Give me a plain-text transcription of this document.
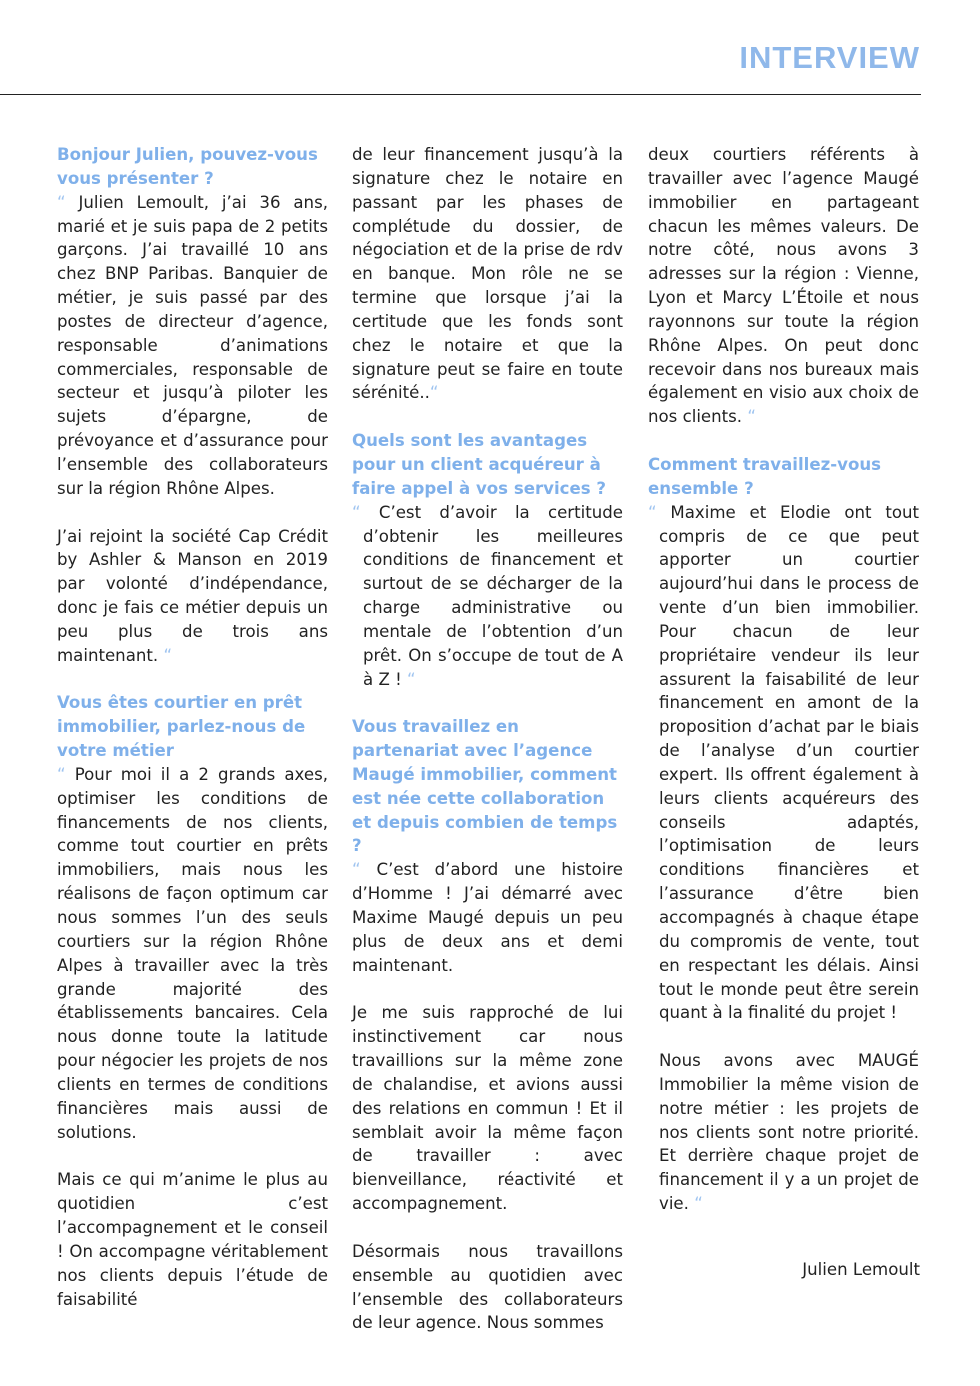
INTERVIEW

Bonjour Julien, pouvez-vous vous présenter ?

“ Julien Lemoult, j’ai 36 ans, marié et je suis papa de 2 petits garçons. J’ai travaillé 10 ans chez BNP Paribas. Banquier de métier, je suis passé par des postes de directeur d’agence, responsable d’animations commerciales, responsable de secteur et jusqu’à piloter les sujets d’épargne, de prévoyance et d’assurance pour l’ensemble des collaborateurs sur la région Rhône Alpes.

J’ai rejoint la société Cap Crédit by Ashler & Manson en 2019 par volonté d’indépendance, donc je fais ce métier depuis un peu plus de trois ans maintenant. “

Vous êtes courtier en prêt immobilier, parlez-nous de votre métier

“ Pour moi il a 2 grands axes, optimiser les conditions de financements de nos clients, comme tout courtier en prêts immobiliers, mais nous les réalisons de façon optimum car nous sommes l’un des seuls courtiers sur la région Rhône Alpes à travailler avec la très grande majorité des établissements bancaires. Cela nous donne toute la latitude pour négocier les projets de nos clients en termes de conditions financières mais aussi de solutions.

Mais ce qui m’anime le plus au quotidien c’est l’accompagnement et le conseil ! On accompagne véritablement nos clients depuis l’étude de faisabilité

de leur financement jusqu’à la signature chez le notaire en passant par les phases de complétude du dossier, de négociation et de la prise de rdv en banque. Mon rôle ne se termine que lorsque j’ai la certitude que les fonds sont chez le notaire et que la signature peut se faire en toute sérénité..“

Quels sont les avantages pour un client acquéreur à faire appel à vos services ?

“ C’est d’avoir la certitude d’obtenir les meilleures conditions de financement et surtout de se décharger de la charge administrative ou mentale de l’obtention d’un prêt. On s’occupe de tout de A à Z ! “

Vous travaillez en partenariat avec l’agence Maugé immobilier, comment est née cette collaboration et depuis combien de temps ?

“ C’est d’abord une histoire d’Homme ! J’ai démarré avec Maxime Maugé depuis un peu plus de deux ans et demi maintenant.

Je me suis rapproché de lui instinctivement car nous travaillions sur la même zone de chalandise, et avions aussi des relations en commun ! Et il semblait avoir la même façon de travailler : avec bienveillance, réactivité et accompagnement.

Désormais nous travaillons ensemble au quotidien avec l’ensemble des collaborateurs de leur agence. Nous sommes

deux courtiers référents à travailler avec l’agence Maugé immobilier en partageant chacun les mêmes valeurs. De notre côté, nous avons 3 adresses sur la région : Vienne, Lyon et Marcy L’Étoile et nous rayonnons sur toute la région Rhône Alpes. On peut donc recevoir dans nos bureaux mais également en visio aux choix de nos clients. “

Comment travaillez-vous ensemble ?

“ Maxime et Elodie ont tout compris de ce que peut apporter un courtier aujourd’hui dans le process de vente d’un bien immobilier. Pour chacun de leur propriétaire vendeur ils leur assurent la faisabilité de leur financement en amont de la proposition d’achat par le biais de l’analyse d’un courtier expert. Ils offrent également à leurs clients acquéreurs des conseils adaptés, l’optimisation de leurs conditions financières et l’assurance d’être bien accompagnés à chaque étape du compromis de vente, tout en respectant les délais. Ainsi tout le monde peut être serein quant à la finalité du projet !

Nous avons avec MAUGÉ Immobilier la même vision de notre métier : les projets de nos clients sont notre priorité. Et derrière chaque projet de financement il y a un projet de vie. “

Julien Lemoult
